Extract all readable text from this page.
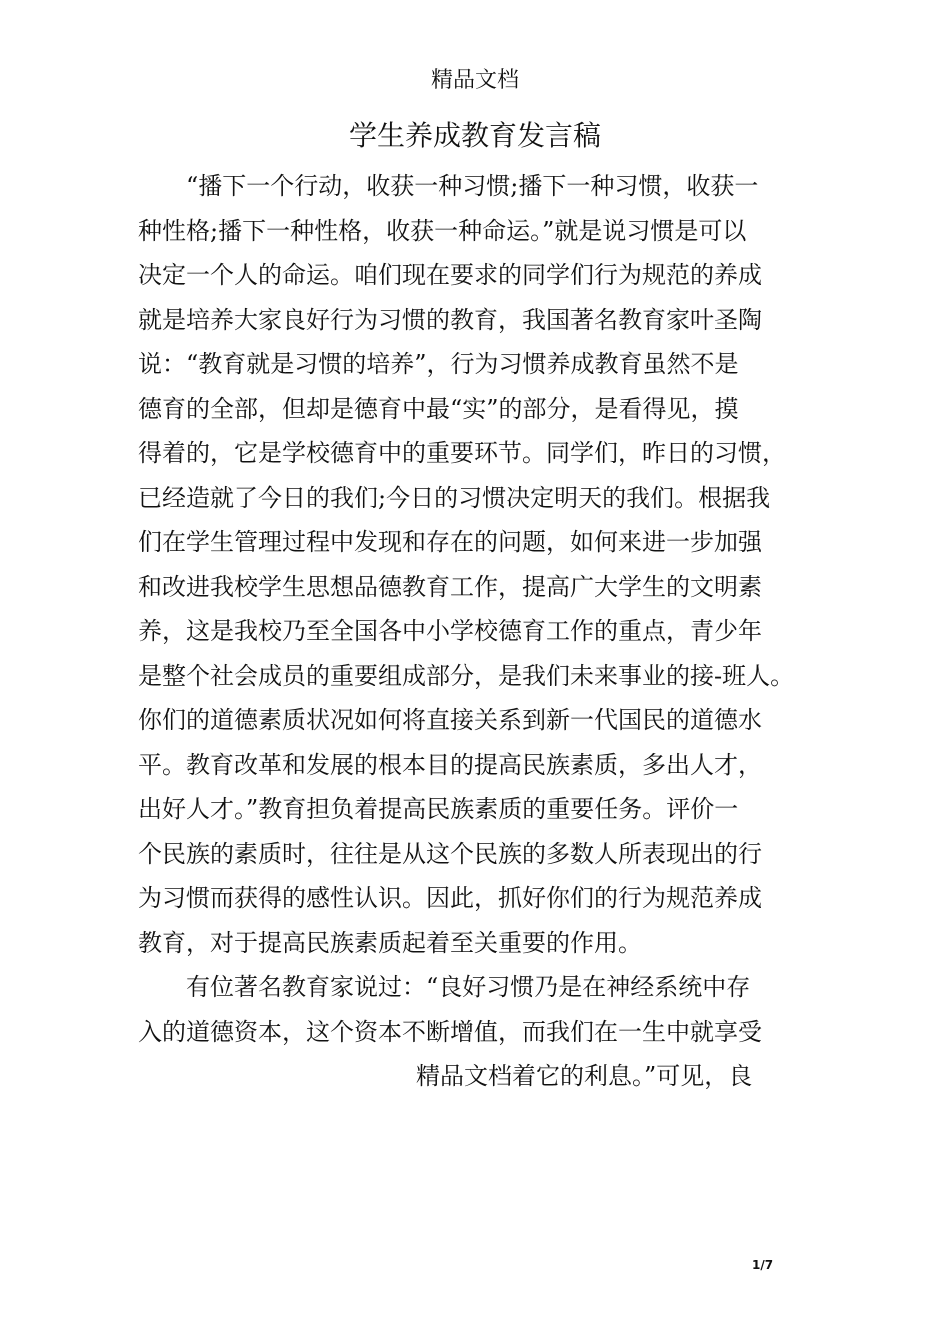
精品文档
学生养成教育发言稿
“播下一个行动，收获一种习惯;播下一种习惯，收获一
种性格;播下一种性格，收获一种命运。”就是说习惯是可以
决定一个人的命运。咱们现在要求的同学们行为规范的养成
就是培养大家良好行为习惯的教育，我国著名教育家叶圣陶
说：“教育就是习惯的培养”，行为习惯养成教育虽然不是
德育的全部，但却是德育中最“实”的部分，是看得见，摸
得着的，它是学校德育中的重要环节。同学们，昨日的习惯，
已经造就了今日的我们;今日的习惯决定明天的我们。根据我
们在学生管理过程中发现和存在的问题，如何来进一步加强
和改进我校学生思想品德教育工作，提高广大学生的文明素
养，这是我校乃至全国各中小学校德育工作的重点，青少年
是整个社会成员的重要组成部分，是我们未来事业的接-班人。
你们的道德素质状况如何将直接关系到新一代国民的道德水
平。教育改革和发展的根本目的提高民族素质，多出人才，
出好人才。”教育担负着提高民族素质的重要任务。评价一
个民族的素质时，往往是从这个民族的多数人所表现出的行
为习惯而获得的感性认识。因此，抓好你们的行为规范养成
教育，对于提高民族素质起着至关重要的作用。
有位著名教育家说过：“良好习惯乃是在神经系统中存
入的道德资本，这个资本不断增值，而我们在一生中就享受
精品文档着它的利息。”可见，良
1/7
